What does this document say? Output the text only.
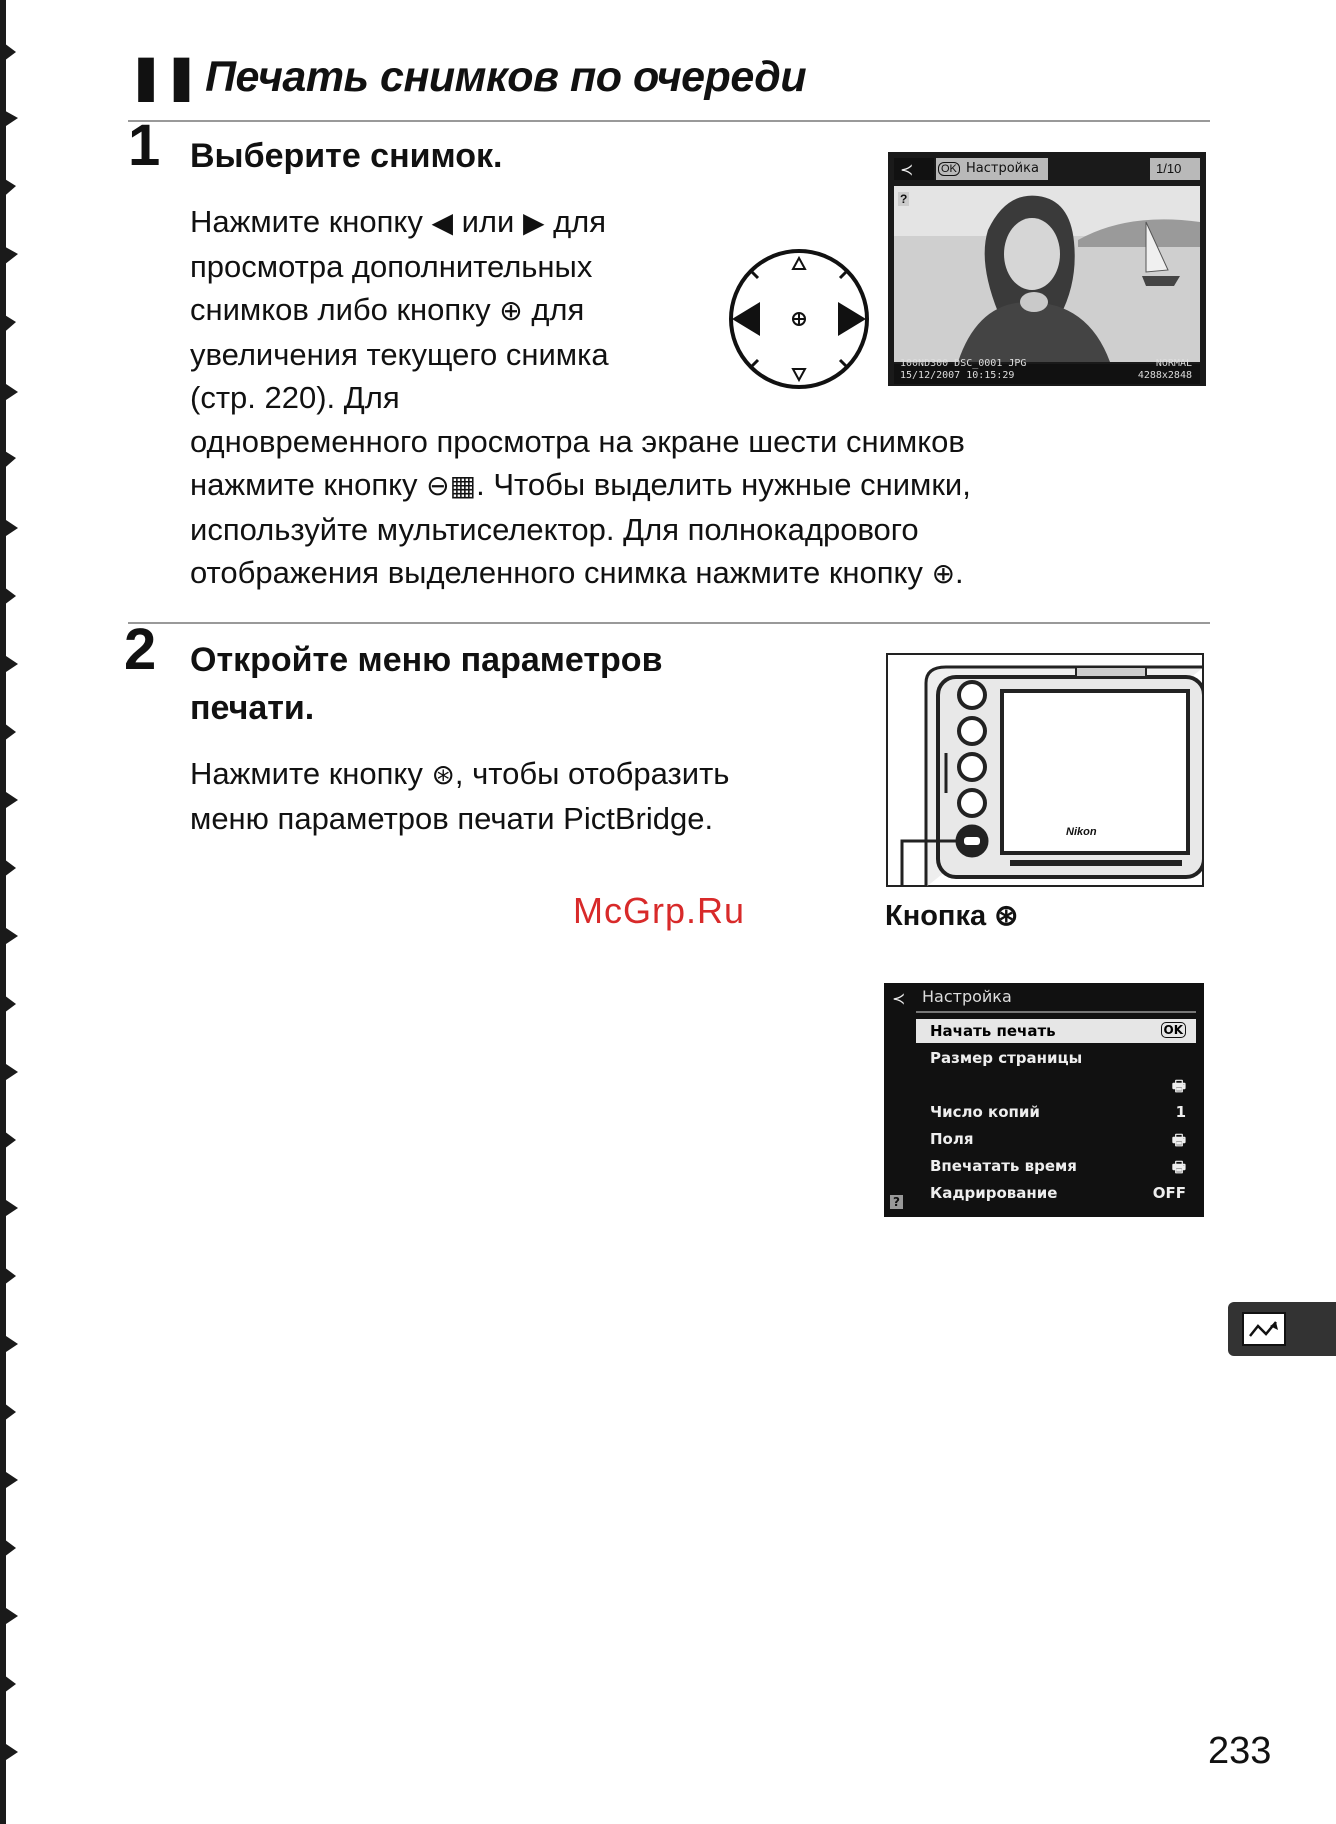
❚❚ Печать снимков по очереди
1 Выберите снимок.
Нажмите кнопку ◀ или ▶ для
просмотра дополнительных
снимков либо кнопку ⊕ для
увеличения текущего снимка
(стр. 220). Для
одновременного просмотра на экране шести снимков
нажмите кнопку ⊖▦. Чтобы выделить нужные снимки,
используйте мультиселектор. Для полнокадрового
отображения выделенного снимка нажмите кнопку ⊕.
≺	OK Настройка	1/10
?
100ND300 DSC_0001 JPG
15/12/2007 10:15:29
NORMAL
4288x2848
2 Откройте меню параметров
печати.
Нажмите кнопку ⊛, чтобы отобразить
меню параметров печати PictBridge.	Nikon
Кнопка ⊛
McGrp.Ru
≺ Настройка
Начать печать	OK
Размер страницы
🖶
Число копий	1
Поля	🖶
Впечатать время	🖶
Кадрирование	OFF
?
233
